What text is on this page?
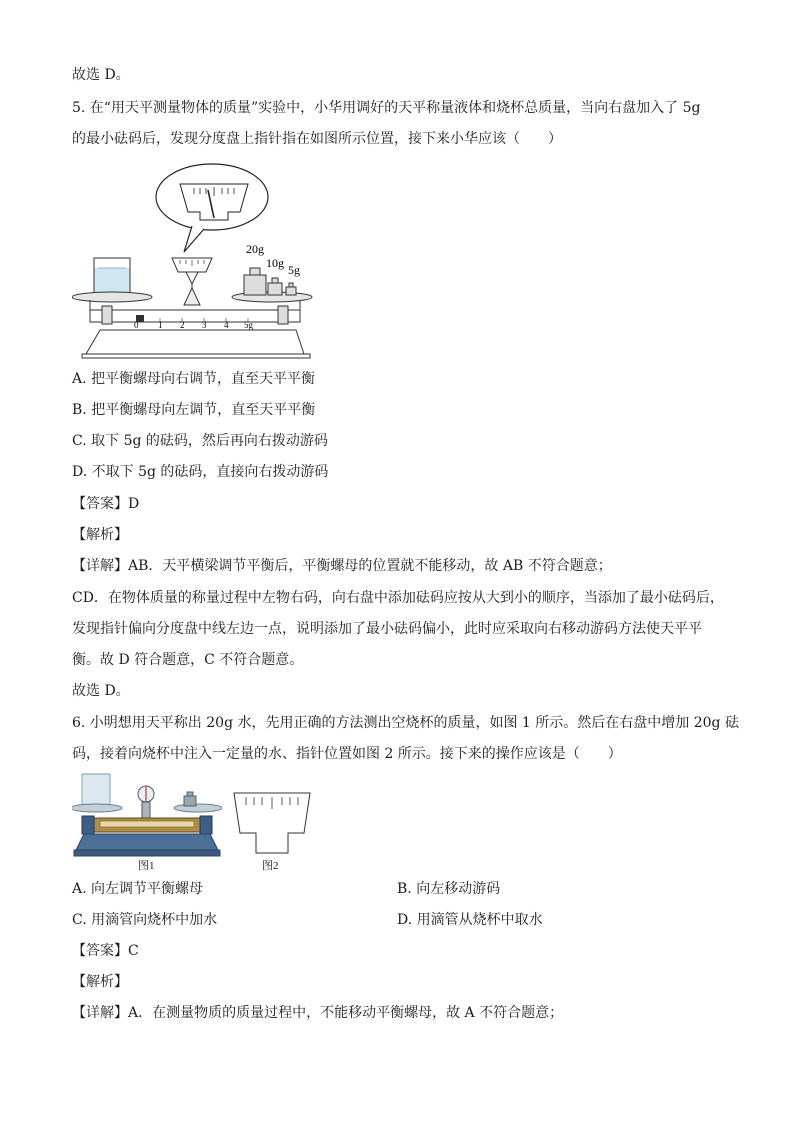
故选 D。
5. 在“用天平测量物体的质量”实验中，小华用调好的天平称量液体和烧杯总质量，当向右盘加入了 5g
的最小砝码后，发现分度盘上指针指在如图所示位置，接下来小华应该（　　）
20g
10g 5g
0 1 2 3 4 5g
A. 把平衡螺母向右调节，直至天平平衡
B. 把平衡螺母向左调节，直至天平平衡
C. 取下 5g 的砝码，然后再向右拨动游码
D. 不取下 5g 的砝码，直接向右拨动游码
【答案】D
【解析】
【详解】AB．天平横梁调节平衡后，平衡螺母的位置就不能移动，故 AB 不符合题意；
CD．在物体质量的称量过程中左物右码，向右盘中添加砝码应按从大到小的顺序，当添加了最小砝码后，
发现指针偏向分度盘中线左边一点，说明添加了最小砝码偏小，此时应采取向右移动游码方法使天平平
衡。故 D 符合题意，C 不符合题意。
故选 D。
6. 小明想用天平称出 20g 水，先用正确的方法测出空烧杯的质量，如图 1 所示。然后在右盘中增加 20g 砝
码，接着向烧杯中注入一定量的水、指针位置如图 2 所示。接下来的操作应该是（　　）
图1	图2
A. 向左调节平衡螺母	B. 向左移动游码
C. 用滴管向烧杯中加水	D. 用滴管从烧杯中取水
【答案】C
【解析】
【详解】A．在测量物质的质量过程中，不能移动平衡螺母，故 A 不符合题意；
